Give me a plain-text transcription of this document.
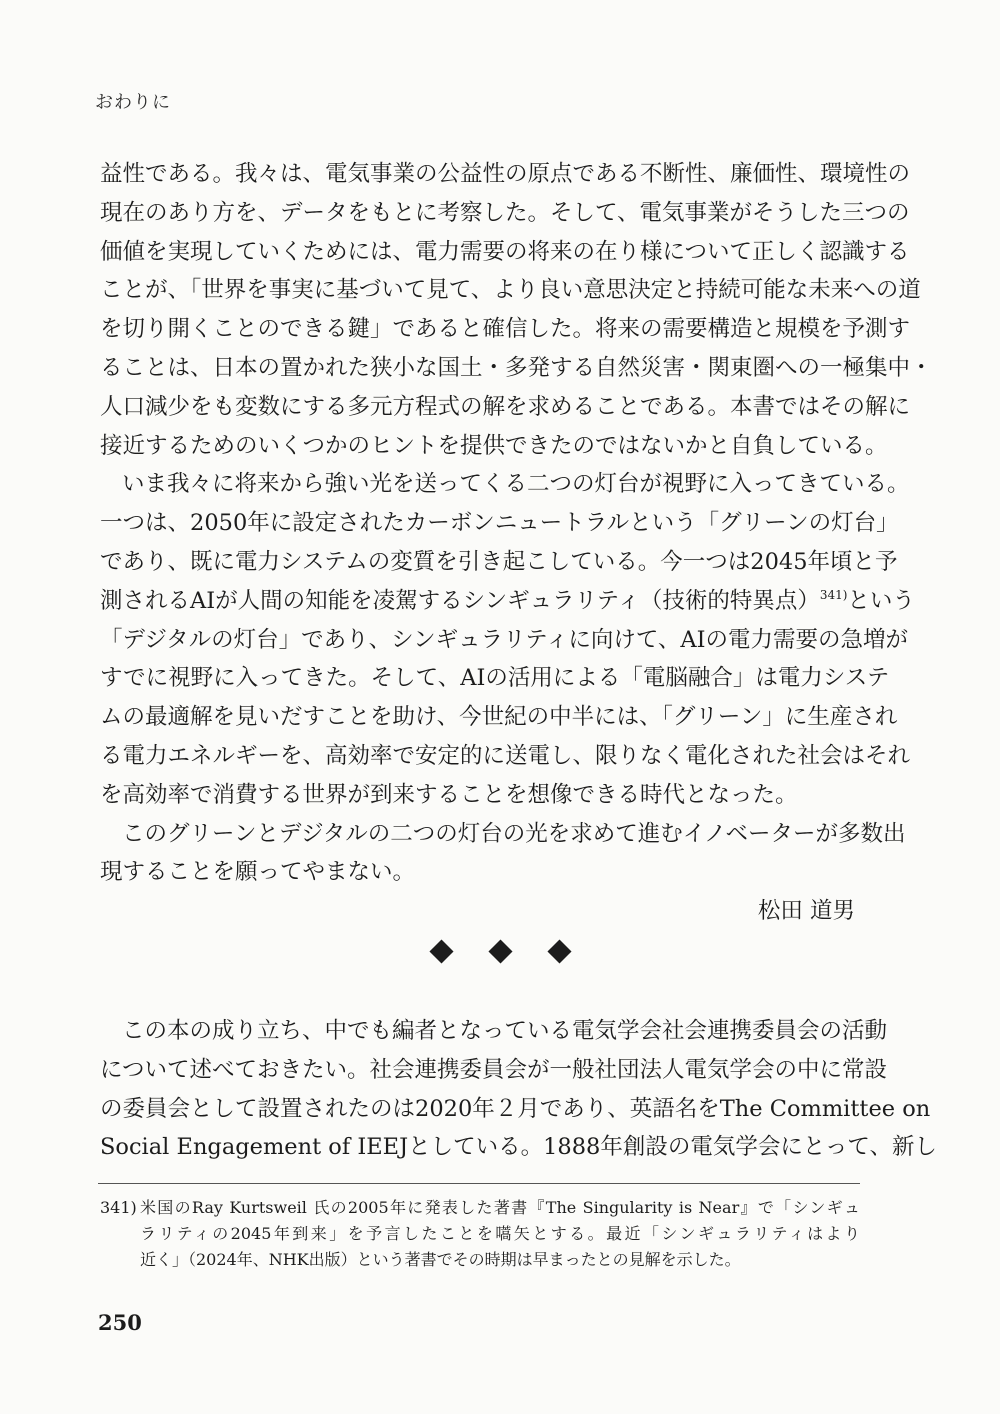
おわりに
益性である。我々は、電気事業の公益性の原点である不断性、廉価性、環境性の
現在のあり方を、データをもとに考察した。そして、電気事業がそうした三つの
価値を実現していくためには、電力需要の将来の在り様について正しく認識する
ことが、「世界を事実に基づいて見て、より良い意思決定と持続可能な未来への道
を切り開くことのできる鍵」であると確信した。将来の需要構造と規模を予測す
ることは、日本の置かれた狭小な国土・多発する自然災害・関東圏への一極集中・
人口減少をも変数にする多元方程式の解を求めることである。本書ではその解に
接近するためのいくつかのヒントを提供できたのではないかと自負している。
いま我々に将来から強い光を送ってくる二つの灯台が視野に入ってきている。
一つは、2050年に設定されたカーボンニュートラルという「グリーンの灯台」
であり、既に電力システムの変質を引き起こしている。今一つは2045年頃と予
測されるAIが人間の知能を凌駕するシンギュラリティ（技術的特異点）$^{341)}$という
「デジタルの灯台」であり、シンギュラリティに向けて、AIの電力需要の急増が
すでに視野に入ってきた。そして、AIの活用による「電脳融合」は電力システ
ムの最適解を見いだすことを助け、今世紀の中半には、「グリーン」に生産され
る電力エネルギーを、高効率で安定的に送電し、限りなく電化された社会はそれ
を高効率で消費する世界が到来することを想像できる時代となった。
このグリーンとデジタルの二つの灯台の光を求めて進むイノベーターが多数出
現することを願ってやまない。
松田 道男
この本の成り立ち、中でも編者となっている電気学会社会連携委員会の活動
について述べておきたい。社会連携委員会が一般社団法人電気学会の中に常設
の委員会として設置されたのは2020年２月であり、英語名をThe Committee on
Social Engagement of IEEJとしている。1888年創設の電気学会にとって、新し
341) 米国のRay Kurtsweil 氏の2005年に発表した著書『The Singularity is Near』で「シンギュ
ラリティの2045年到来」を予言したことを嚆矢とする。最近「シンギュラリティはより
近く」（2024年、NHK出版）という著書でその時期は早まったとの見解を示した。
250
